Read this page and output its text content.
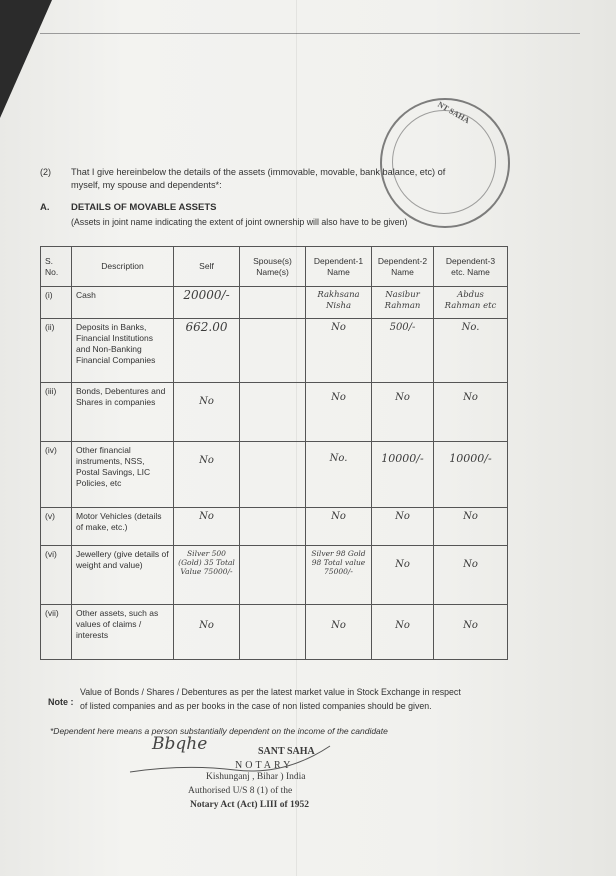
NT SAHA
(2) That I give hereinbelow the details of the assets (immovable, movable, bank balance, etc) of
myself, my spouse and dependents*:
A. DETAILS OF MOVABLE ASSETS
(Assets in joint name indicating the extent of joint ownership will also have to be given)
S. No.	Description	Self	Spouse(s) Name(s)	Dependent-1 Name	Dependent-2 Name	Dependent-3 etc. Name
(i)	Cash	20000/-		Rakhsana Nisha	Nasibur Rahman	Abdus Rahman etc

(ii)	Deposits in Banks, Financial Institutions and Non-Banking Financial Companies	662.00		No	500/-	No.

(iii)	Bonds, Debentures and Shares in companies	No		No	No	No

(iv)	Other financial instruments, NSS, Postal Savings, LIC Policies, etc	No		No.	10000/-	10000/-

(v)	Motor Vehicles (details of make, etc.)	No		No	No	No

(vi)	Jewellery (give details of weight and value)	Silver 500 (Gold) 35 Total Value 75000/-		Silver 98 Gold 98 Total value 75000/-	No	No

(vii)	Other assets, such as values of claims / interests	No		No	No	No
Note :
Value of Bonds / Shares / Debentures as per the latest market value in Stock Exchange in respect
of listed companies and as per books in the case of non listed companies should be given.
*Dependent here means a person substantially dependent on the income of the candidate
Bbqhe	SANT SAHA
NOTARY
Kishunganj , Bihar ) India
Authorised U/S 8 (1) of the
Notary Act (Act) LIII of 1952
